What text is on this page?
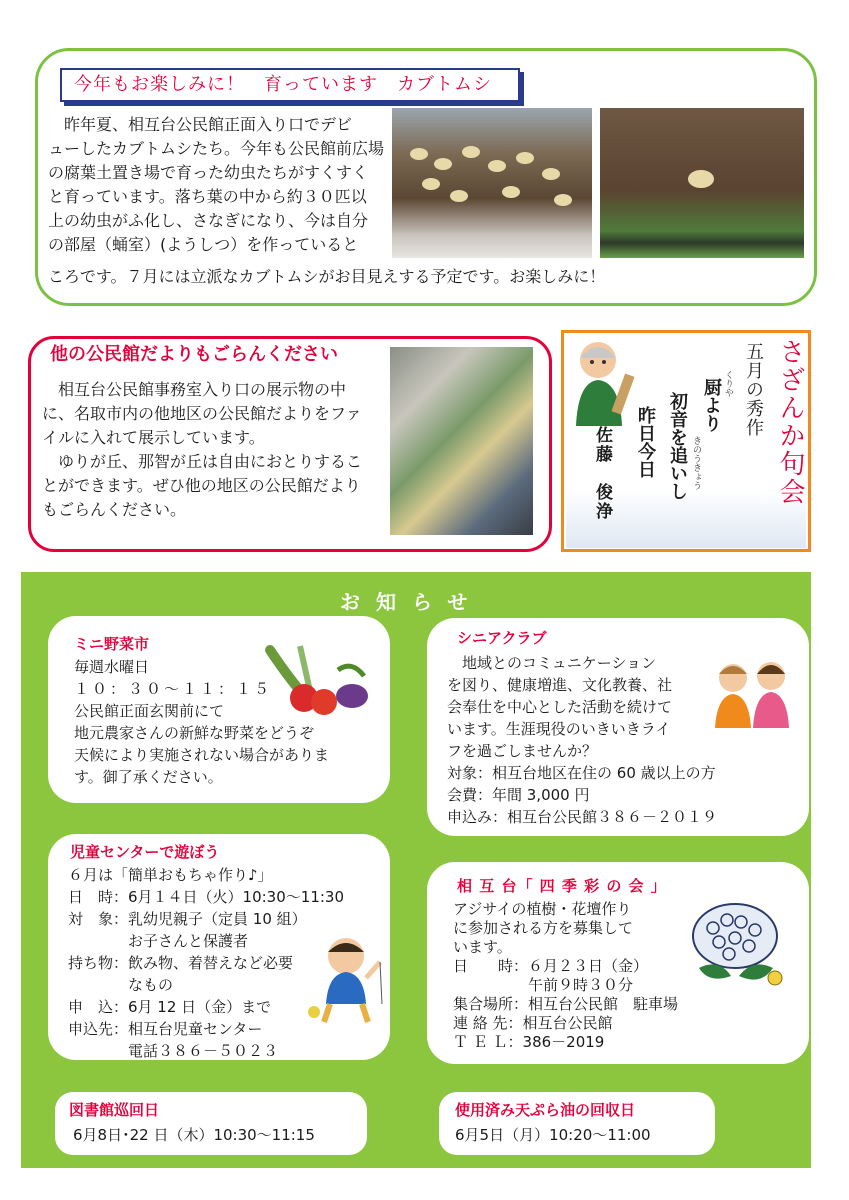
今年もお楽しみに！　育っています　カブトムシ
　昨年夏、相互台公民館正面入り口でデビ
ューしたカブトムシたち。今年も公民館前広場
の腐葉土置き場で育った幼虫たちがすくすく
と育っています。落ち葉の中から約３０匹以
上の幼虫がふ化し、さなぎになり、今は自分
の部屋（蛹室）(ようしつ）を作っていると
ころです。７月には立派なカブトムシがお目見えする予定です。お楽しみに！
他の公民館だよりもごらんください
　相互台公民館事務室入り口の展示物の中
に、名取市内の他地区の公民館だよりをファ
イルに入れて展示しています。
　ゆりが丘、那智が丘は自由におとりするこ
とができます。ぜひ他の地区の公民館だより
もごらんください。
さざんか句会
五月の秀作
くりや
厨より
初音を追いし きのうきょう
昨日今日
佐藤　俊浄
お知らせ
ミニ野菜市
毎週水曜日
１０：３０～１１：１５
公民館正面玄関前にて
地元農家さんの新鮮な野菜をどうぞ
天候により実施されない場合がありま
す。御了承ください。
シニアクラブ
　地域とのコミュニケーション
を図り、健康増進、文化教養、社
会奉仕を中心とした活動を続けて
います。生涯現役のいきいきライ
フを過ごしませんか？
対象：相互台地区在住の 60 歳以上の方
会費：年間 3,000 円
申込み：相互台公民館３８６－２０１９
児童センターで遊ぼう
６月は「簡単おもちゃ作り♪」
日　時：6月１４日（火）10:30～11:30
対　象：乳幼児親子（定員 10 組）
　　　　お子さんと保護者
持ち物：飲み物、着替えなど必要
　　　　なもの
申　込：6月 12 日（金）まで
申込先：相互台児童センター
　　　　電話３８６－５０２３
相 互 台「 四 季 彩 の 会 」
アジサイの植樹・花壇作り
に参加される方を募集して
います。
日　　時：６月２３日（金）
　　　　　午前９時３０分
集合場所：相互台公民館　駐車場
連 絡 先：相互台公民館
Ｔ Ｅ Ｌ：386－2019
図書館巡回日
6月8日･22 日（木）10:30～11:15
使用済み天ぷら油の回収日
6月5日（月）10:20～11:00
